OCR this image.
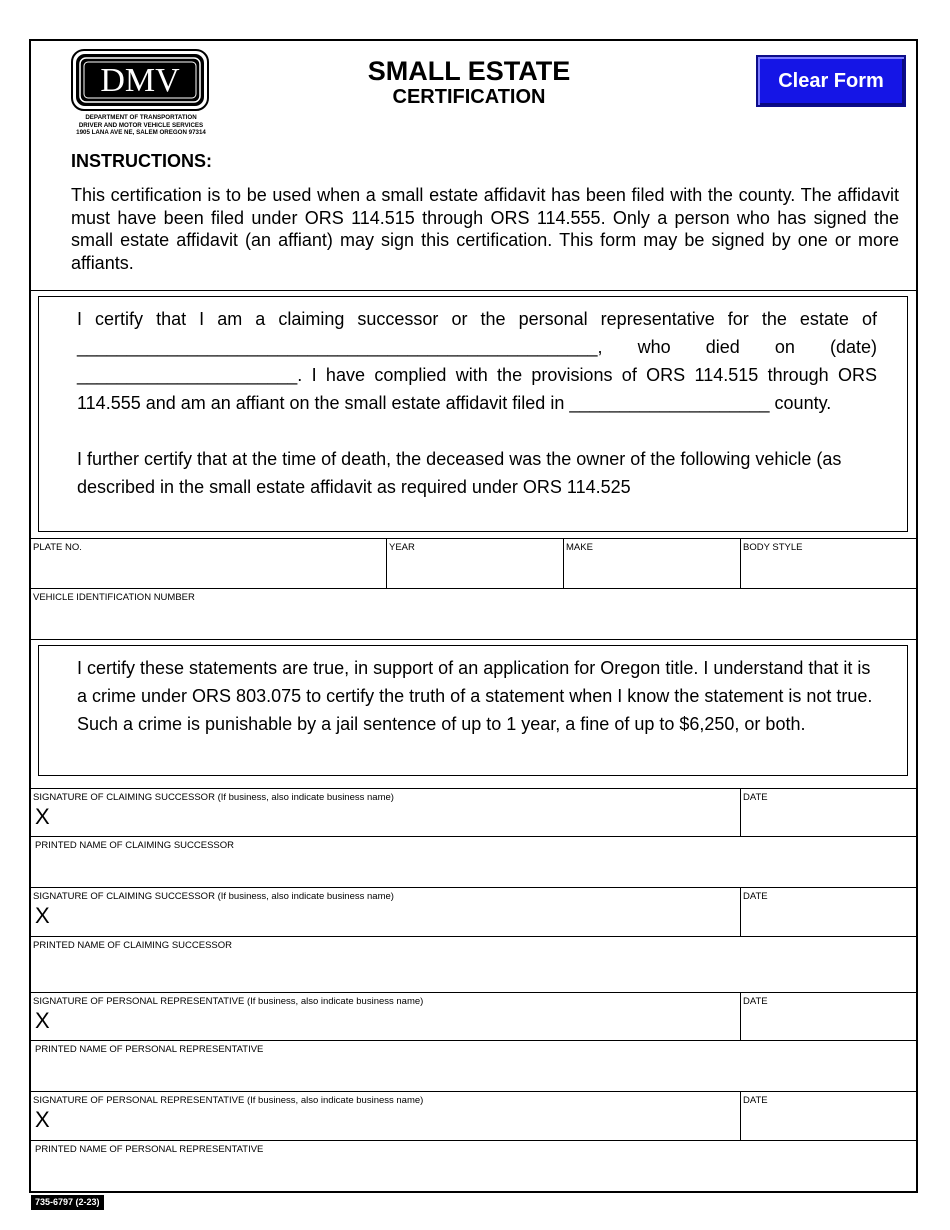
DMV
DEPARTMENT OF TRANSPORTATION
DRIVER AND MOTOR VEHICLE SERVICES
1905 LANA AVE NE, SALEM OREGON 97314
SMALL ESTATE
CERTIFICATION
Clear Form
INSTRUCTIONS:
This certification is to be used when a small estate affidavit has been filed with the county. The affidavit must have been filed under ORS 114.515 through ORS 114.555. Only a person who has signed the small estate affidavit (an affiant) may sign this certification. This form may be signed by one or more affiants.
I certify that I am a claiming successor or the personal representative for the estate of ____________________________________________________, who died on (date) ______________________. I have complied with the provisions of ORS 114.515 through ORS 114.555 and am an affiant on the small estate affidavit filed in ____________________ county.
I further certify that at the time of death, the deceased was the owner of the following vehicle (as described in the small estate affidavit as required under ORS 114.525
PLATE NO.	YEAR	MAKE	BODY STYLE
VEHICLE IDENTIFICATION NUMBER
I certify these statements are true, in support of an application for Oregon title. I understand that it is a crime under ORS 803.075 to certify the truth of a statement when I know the statement is not true. Such a crime is punishable by a jail sentence of up to 1 year, a fine of up to $6,250, or both.
SIGNATURE OF CLAIMING SUCCESSOR (If business, also indicate business name)
X
DATE
PRINTED NAME OF CLAIMING SUCCESSOR
SIGNATURE OF CLAIMING SUCCESSOR (If business, also indicate business name)
X
DATE
PRINTED NAME OF CLAIMING SUCCESSOR
SIGNATURE OF PERSONAL REPRESENTATIVE (If business, also indicate business name)
X
DATE
PRINTED NAME OF PERSONAL REPRESENTATIVE
SIGNATURE OF PERSONAL REPRESENTATIVE (If business, also indicate business name)
X
DATE
PRINTED NAME OF PERSONAL REPRESENTATIVE
735-6797 (2-23)
